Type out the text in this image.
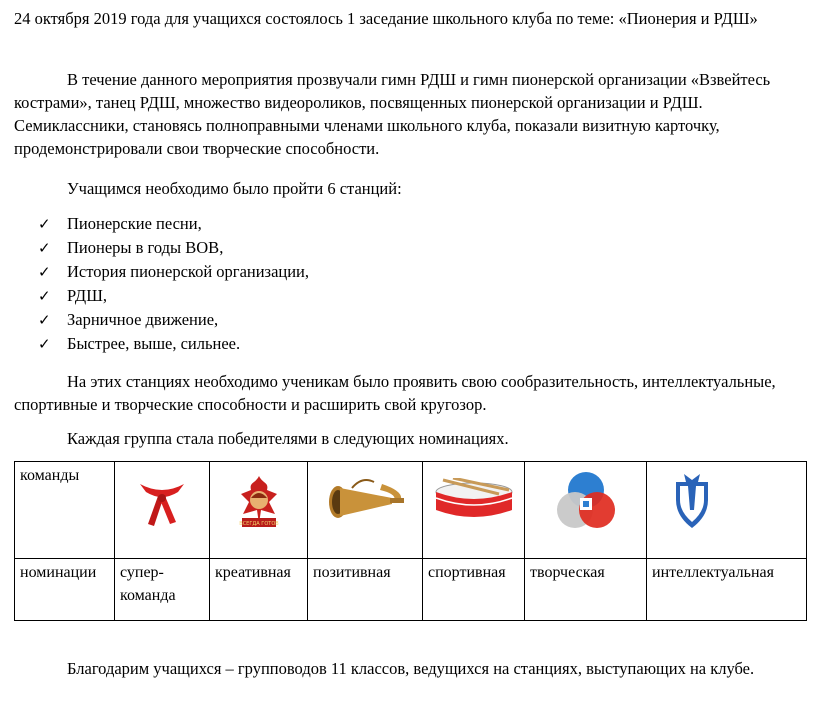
24 октября 2019 года для учащихся состоялось 1 заседание школьного клуба по теме: «Пионерия и РДШ»

В течение данного мероприятия прозвучали гимн РДШ и гимн пионерской организации «Взвейтесь кострами», танец РДШ, множество видеороликов, посвященных пионерской организации и РДШ. Семиклассники, становясь полноправными членами школьного клуба, показали визитную карточку, продемонстрировали свои творческие способности.

Учащимся необходимо было пройти 6 станций:

✓ Пионерские песни,
✓ Пионеры в годы ВОВ,
✓ История пионерской организации,
✓ РДШ,
✓ Зарничное движение,
✓ Быстрее, выше, сильнее.

На этих станциях необходимо ученикам было проявить свою сообразительность, интеллектуальные, спортивные и творческие способности и расширить свой кругозор.

Каждая группа стала победителями в следующих номинациях.

команды		ВСЕГДА ГОТОВ

номинации	супер-команда	креативная	позитивная	спортивная	творческая	интеллектуальная

Благодарим учащихся – групповодов 11 классов, ведущихся на станциях, выступающих на клубе.
